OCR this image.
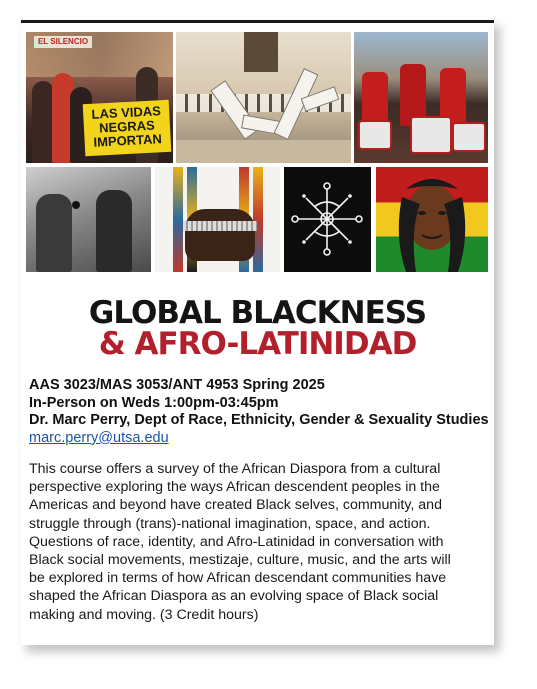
EL SILENCIO
LAS VIDAS NEGRAS IMPORTAN
GLOBAL BLACKNESS
& AFRO-LATINIDAD
AAS 3023/MAS 3053/ANT 4953 Spring 2025
In-Person on Weds 1:00pm-03:45pm
Dr. Marc Perry, Dept of Race, Ethnicity, Gender & Sexuality Studies
marc.perry@utsa.edu
This course offers a survey of the African Diaspora from a cultural
perspective exploring the ways African descendent peoples in the
Americas and beyond have created Black selves, community, and
struggle through (trans)-national imagination, space, and action.
Questions of race, identity, and Afro-Latinidad in conversation with
Black social movements, mestizaje, culture, music, and the arts will
be explored in terms of how African descendant communities have
shaped the African Diaspora as an evolving space of Black social
making and moving. (3 Credit hours)
